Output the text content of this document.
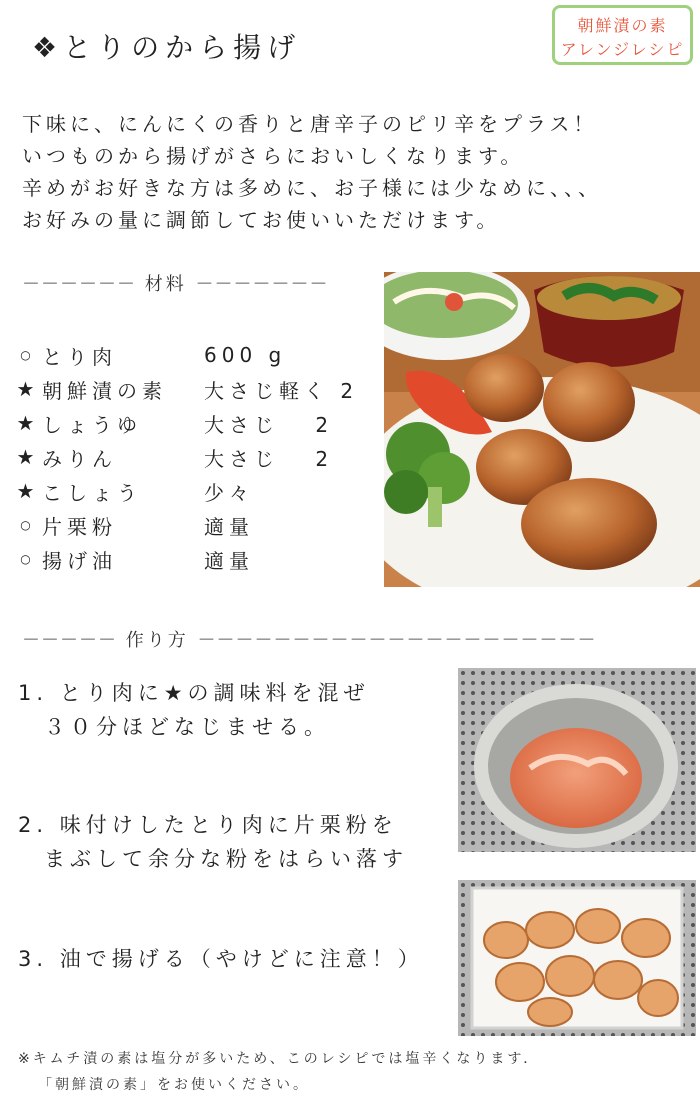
❖とりのから揚げ
朝鮮漬の素
アレンジレシピ
下味に、にんにくの香りと唐辛子のピリ辛をプラス！
いつものから揚げがさらにおいしくなります。
辛めがお好きな方は多めに、お子様には少なめに、、、
お好みの量に調節してお使いいただけます。
－－－－－－ 材料 －－－－－－－
○ とり肉	600 g
★ 朝鮮漬の素	大さじ軽く 2
★ しょうゆ	大さじ　 2
★ みりん	大さじ　 2
★ こしょう	少々
○ 片栗粉	適量
○ 揚げ油	適量
－－－－－ 作り方 －－－－－－－－－－－－－－－－－－－－－
1. とり肉に★の調味料を混ぜ
　３０分ほどなじませる。
2. 味付けしたとり肉に片栗粉を
　まぶして余分な粉をはらい落す
3. 油で揚げる（やけどに注意！）
※キムチ漬の素は塩分が多いため、このレシピでは塩辛くなります．
「朝鮮漬の素」をお使いください。
